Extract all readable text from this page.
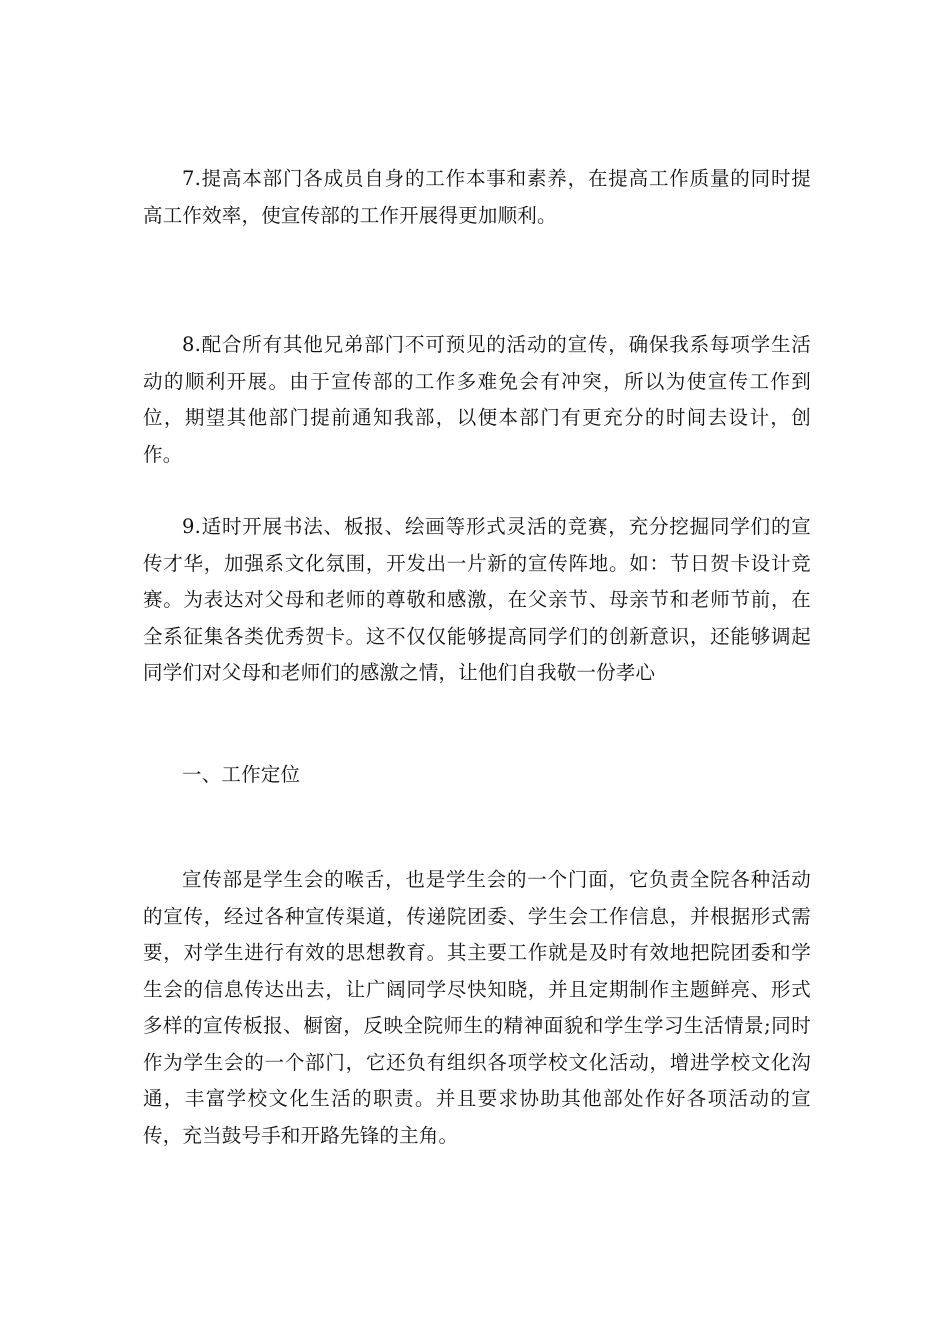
7.提高本部门各成员自身的工作本事和素养，在提高工作质量的同时提高工作效率，使宣传部的工作开展得更加顺利。

8.配合所有其他兄弟部门不可预见的活动的宣传，确保我系每项学生活动的顺利开展。由于宣传部的工作多难免会有冲突，所以为使宣传工作到位，期望其他部门提前通知我部，以便本部门有更充分的时间去设计，创作。

9.适时开展书法、板报、绘画等形式灵活的竞赛，充分挖掘同学们的宣传才华，加强系文化氛围，开发出一片新的宣传阵地。如：节日贺卡设计竞赛。为表达对父母和老师的尊敬和感激，在父亲节、母亲节和老师节前，在全系征集各类优秀贺卡。这不仅仅能够提高同学们的创新意识，还能够调起同学们对父母和老师们的感激之情，让他们自我敬一份孝心

一、工作定位

宣传部是学生会的喉舌，也是学生会的一个门面，它负责全院各种活动的宣传，经过各种宣传渠道，传递院团委、学生会工作信息，并根据形式需要，对学生进行有效的思想教育。其主要工作就是及时有效地把院团委和学生会的信息传达出去，让广阔同学尽快知晓，并且定期制作主题鲜亮、形式多样的宣传板报、橱窗，反映全院师生的精神面貌和学生学习生活情景;同时作为学生会的一个部门，它还负有组织各项学校文化活动，增进学校文化沟通，丰富学校文化生活的职责。并且要求协助其他部处作好各项活动的宣传，充当鼓号手和开路先锋的主角。
